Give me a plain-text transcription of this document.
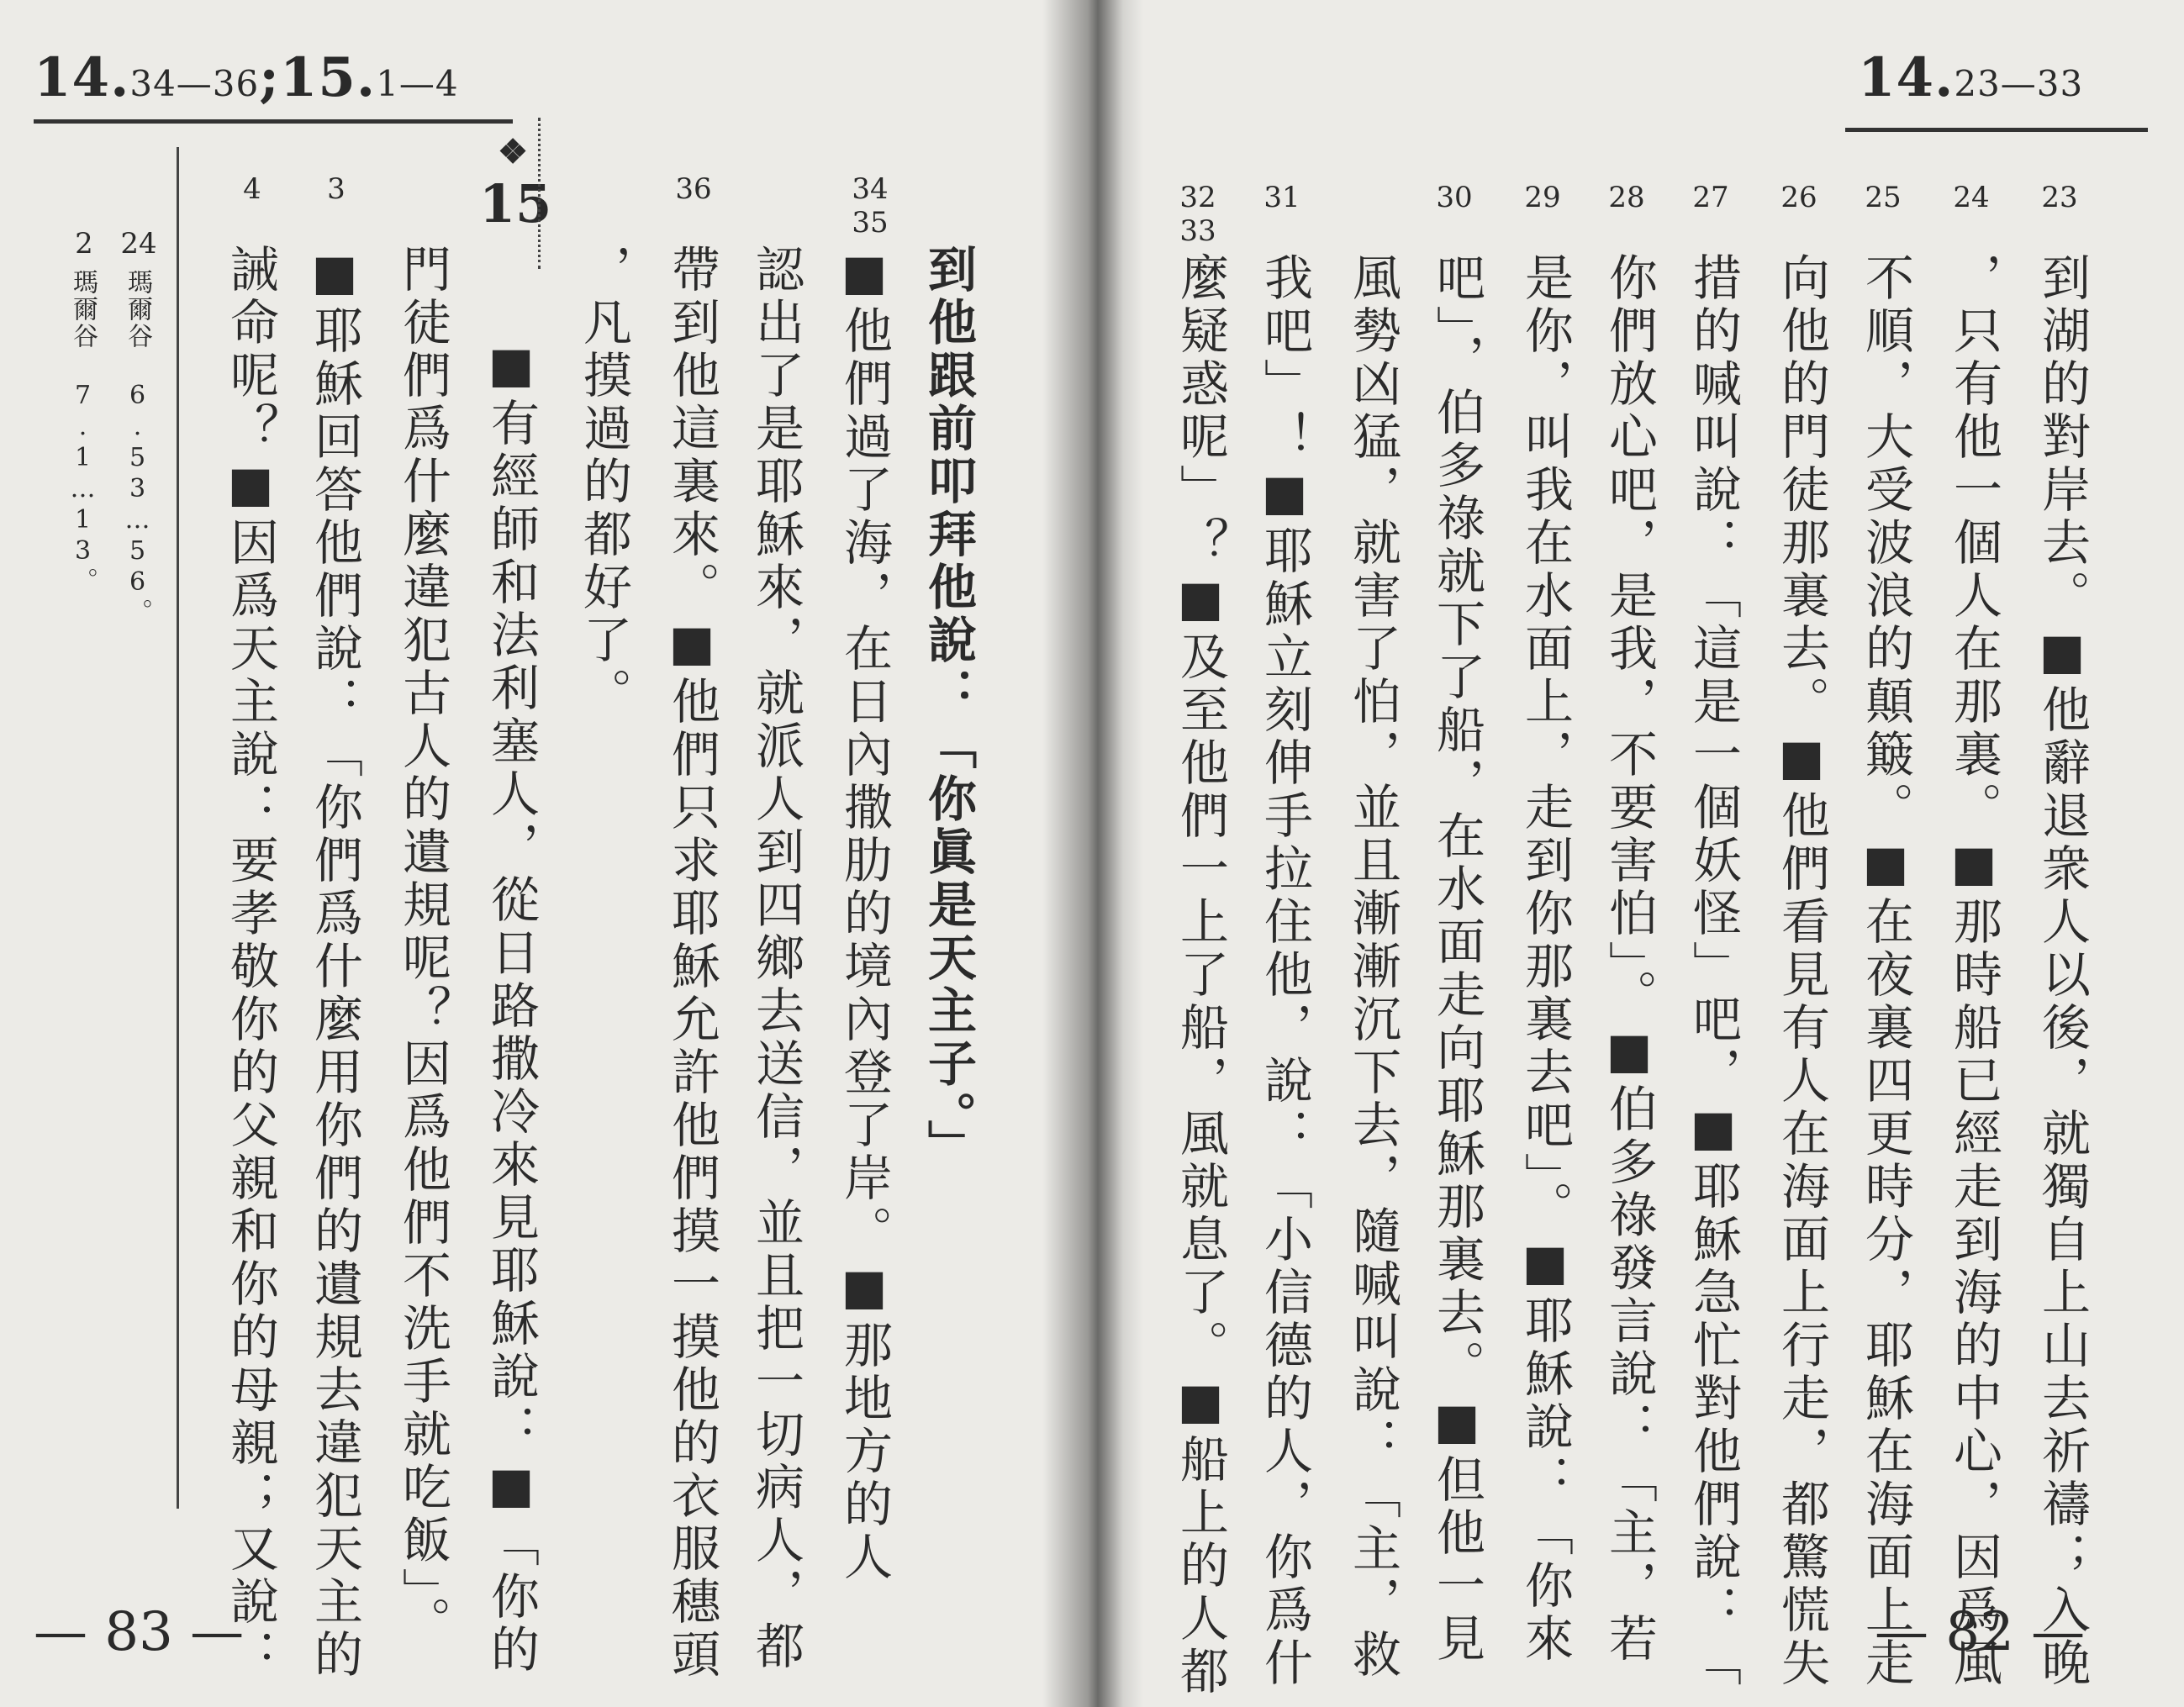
14.34—36;15.1—4
❖
15
24
瑪爾谷 6.53…56。
2
瑪爾谷 7.1…13。
34
35
36
3
4
到他跟前叩拜他說：「你眞是天主子。」
■他們過了海，在日內撒肋的境內登了岸。■那地方的人
認出了是耶穌來，就派人到四鄉去送信，並且把一切病人，都
帶到他這裏來。■他們只求耶穌允許他們摸一摸他的衣服穗頭
，凡摸過的都好了。
■有經師和法利塞人，從日路撒冷來見耶穌說：■「你的
門徒們爲什麼違犯古人的遺規呢？因爲他們不洗手就吃飯」。
■耶穌回答他們說：「你們爲什麼用你們的遺規去違犯天主的
誡命呢？■因爲天主說：要孝敬你的父親和你的母親；又說：
— 83 —
14.23—33
23
24
25
26
27
28
29
30
31
32
33
到湖的對岸去。■他辭退衆人以後，就獨自上山去祈禱；入晚
，只有他一個人在那裏。■那時船已經走到海的中心，因爲風
不順，大受波浪的顛簸。■在夜裏四更時分，耶穌在海面上走
向他的門徒那裏去。■他們看見有人在海面上行走，都驚慌失
措的喊叫說：「這是一個妖怪」吧，■耶穌急忙對他們說：「
你們放心吧，是我，不要害怕」。■伯多祿發言說：「主，若
是你，叫我在水面上，走到你那裏去吧」。■耶穌說：「你來
吧」，伯多祿就下了船，在水面走向耶穌那裏去。■但他一見
風勢凶猛，就害了怕，並且漸漸沉下去，隨喊叫說：「主，救
我吧」！■耶穌立刻伸手拉住他，說：「小信德的人，你爲什
麼疑惑呢」？■及至他們一上了船，風就息了。■船上的人都	— 82 —
